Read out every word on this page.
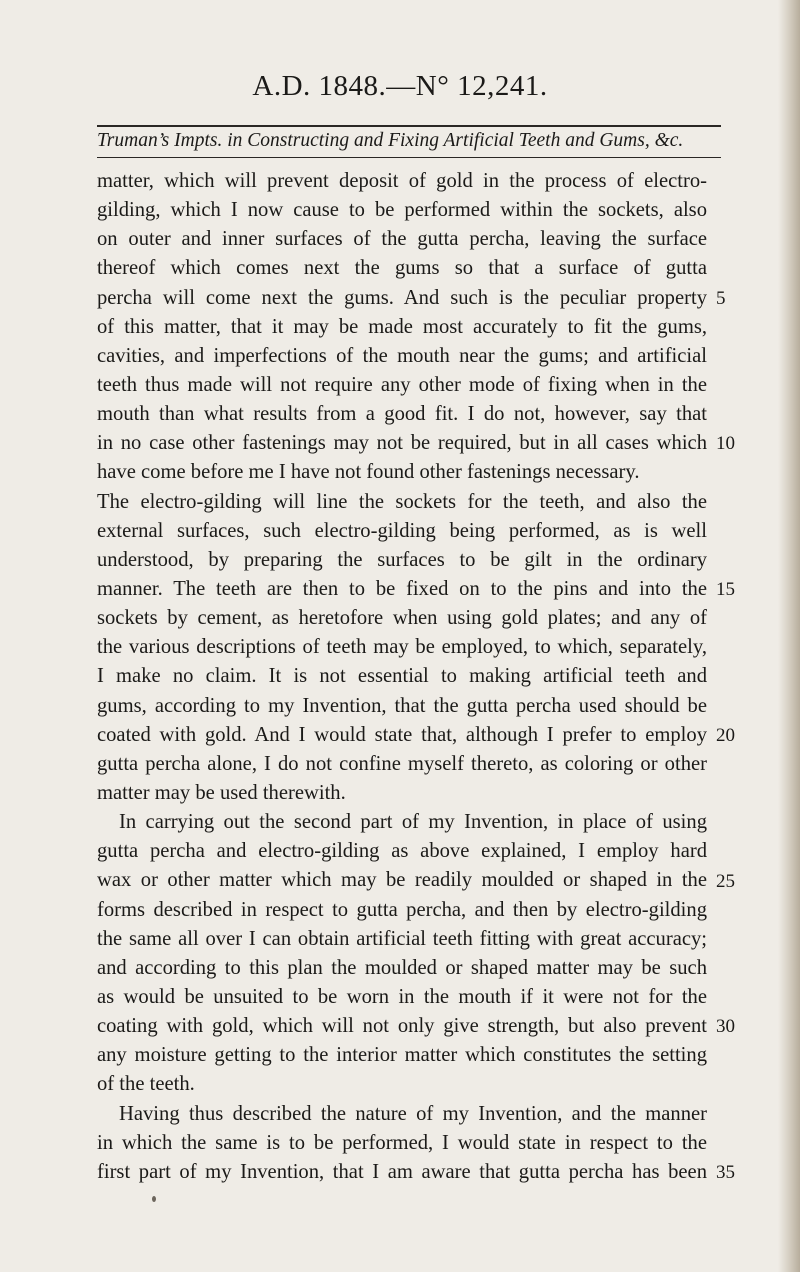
A.D. 1848.—N° 12,241.
Truman’s Impts. in Constructing and Fixing Artificial Teeth and Gums, &c.
matter, which will prevent deposit of gold in the process of electro-
gilding, which I now cause to be performed within the sockets, also
on outer and inner surfaces of the gutta percha, leaving the surface
thereof which comes next the gums so that a surface of gutta
percha will come next the gums. And such is the peculiar property
of this matter, that it may be made most accurately to fit the gums,
cavities, and imperfections of the mouth near the gums; and artificial
teeth thus made will not require any other mode of fixing when in the
mouth than what results from a good fit. I do not, however, say that
in no case other fastenings may not be required, but in all cases which
have come before me I have not found other fastenings necessary.
The electro-gilding will line the sockets for the teeth, and also the
external surfaces, such electro-gilding being performed, as is well
understood, by preparing the surfaces to be gilt in the ordinary
manner. The teeth are then to be fixed on to the pins and into the
sockets by cement, as heretofore when using gold plates; and any of
the various descriptions of teeth may be employed, to which, separately,
I make no claim. It is not essential to making artificial teeth and
gums, according to my Invention, that the gutta percha used should be
coated with gold. And I would state that, although I prefer to employ
gutta percha alone, I do not confine myself thereto, as coloring or other
matter may be used therewith.
In carrying out the second part of my Invention, in place of using
gutta percha and electro-gilding as above explained, I employ hard
wax or other matter which may be readily moulded or shaped in the
forms described in respect to gutta percha, and then by electro-gilding
the same all over I can obtain artificial teeth fitting with great accuracy;
and according to this plan the moulded or shaped matter may be such
as would be unsuited to be worn in the mouth if it were not for the
coating with gold, which will not only give strength, but also prevent
any moisture getting to the interior matter which constitutes the setting
of the teeth.
Having thus described the nature of my Invention, and the manner
in which the same is to be performed, I would state in respect to the
first part of my Invention, that I am aware that gutta percha has been
5
10
15
20
25
30
35
